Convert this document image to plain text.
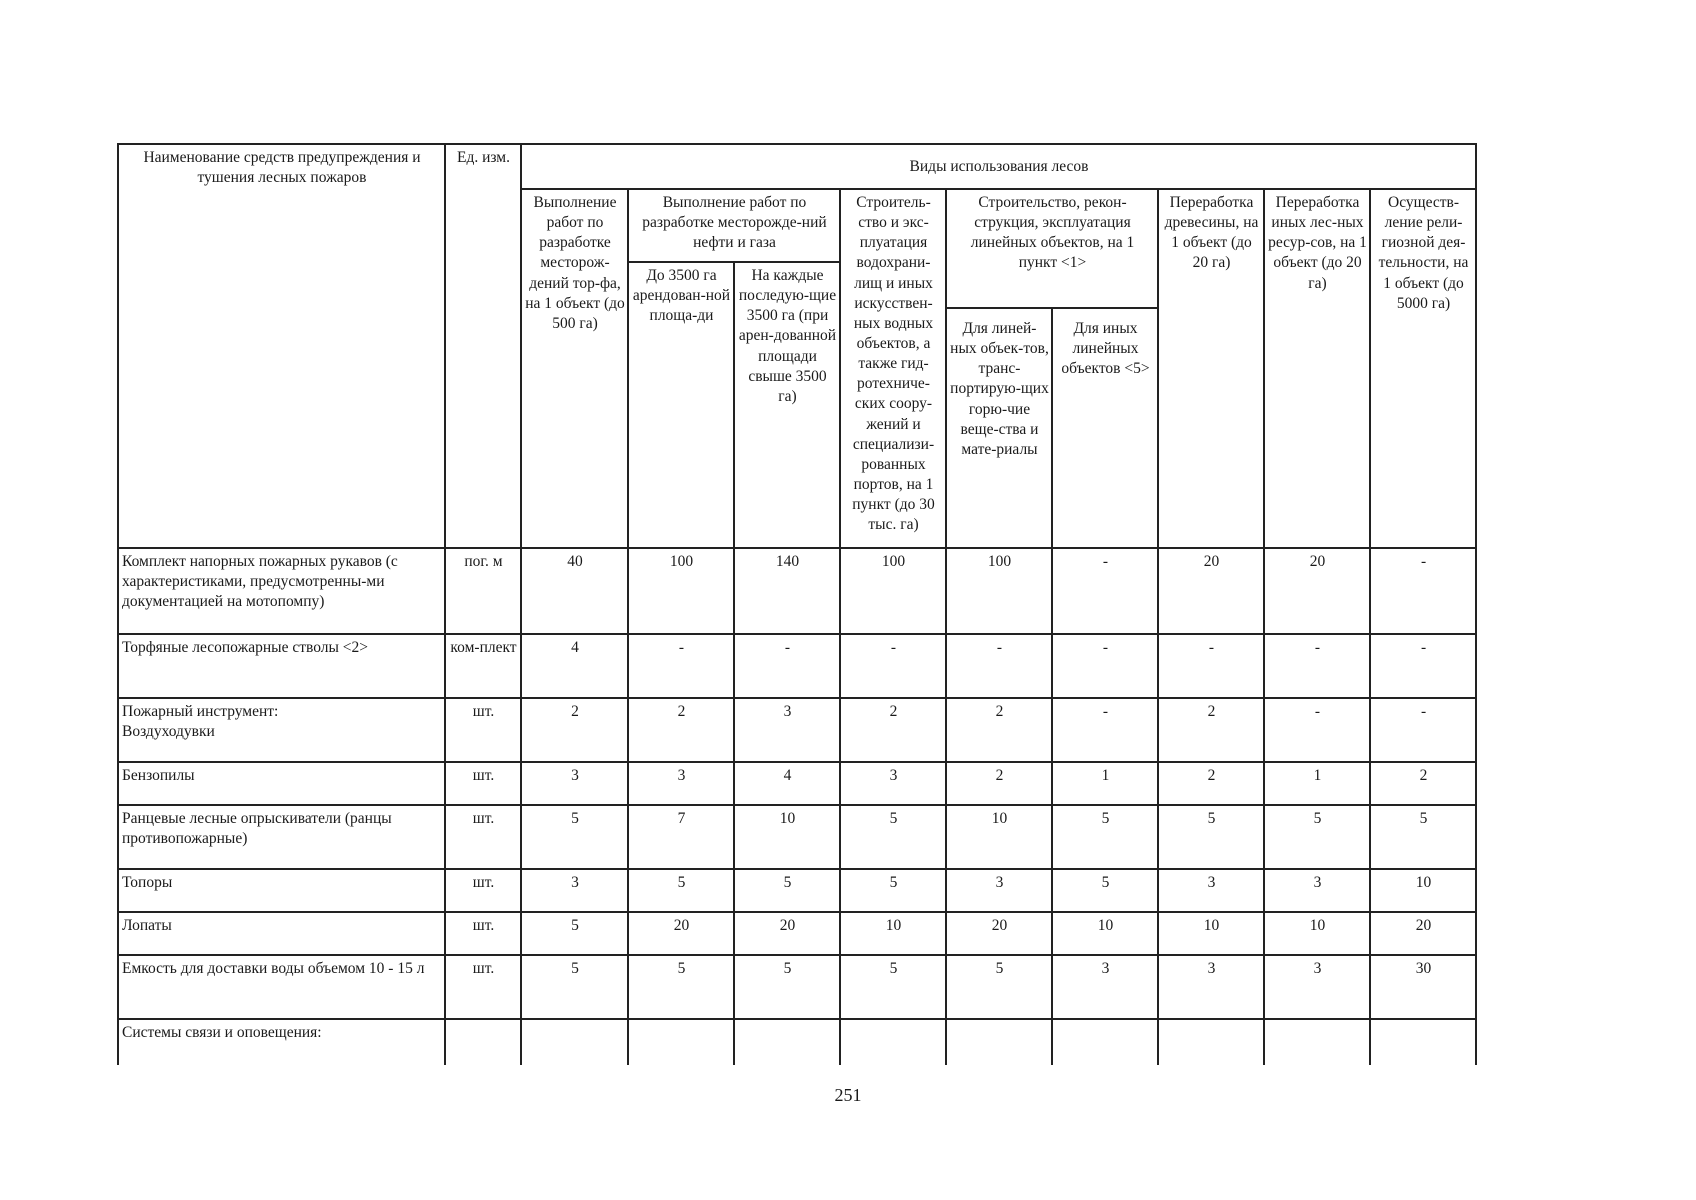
Наименование средств предупреждения и тушения лесных пожаров	Ед. изм.	Виды использования лесов								
		Выполнение работ по разработке месторож-дений тор-фа, на 1 объект (до 500 га)	Выполнение работ по разработке месторожде-ний нефти и газа		Строитель-ство и экс-плуатация водохрани-лищ и иных искусствен-ных водных объектов, а также гид-ротехниче-ских соору-жений и специализи-рованных портов, на 1 пункт (до 30 тыс. га)	Строительство, рекон-струкция, эксплуатация линейных объектов, на 1 пункт <1>		Переработка древесины, на 1 объект (до 20 га)	Переработка иных лес-ных ресур-сов, на 1 объект (до 20 га)	Осуществ-ление рели-гиозной дея-тельности, на 1 объект (до 5000 га)
			До 3500 га арендован-ной площа-ди	На каждые последую-щие 3500 га (при арен-дованной площади свыше 3500 га)						
						Для линей-ных объек-тов, транс-портирую-щих горю-чие веще-ства и мате-риалы	Для иных линейных объектов <5>			

Комплект напорных пожарных рукавов (с характеристиками, предусмотренны-ми документацией на мотопомпу)	пог. м	40	100	140	100	100	-	20	20	-

Торфяные лесопожарные стволы <2>	ком-плект	4	-	-	-	-	-	-	-	-

Пожарный инструмент:
Воздуходувки	шт.	2	2	3	2	2	-	2	-	-

Бензопилы	шт.	3	3	4	3	2	1	2	1	2

Ранцевые лесные опрыскиватели (ранцы противопожарные)	шт.	5	7	10	5	10	5	5	5	5

Топоры	шт.	3	5	5	5	3	5	3	3	10

Лопаты	шт.	5	20	20	10	20	10	10	10	20

Емкость для доставки воды объемом 10 - 15 л	шт.	5	5	5	5	5	3	3	3	30

Системы связи и оповещения:										

251
